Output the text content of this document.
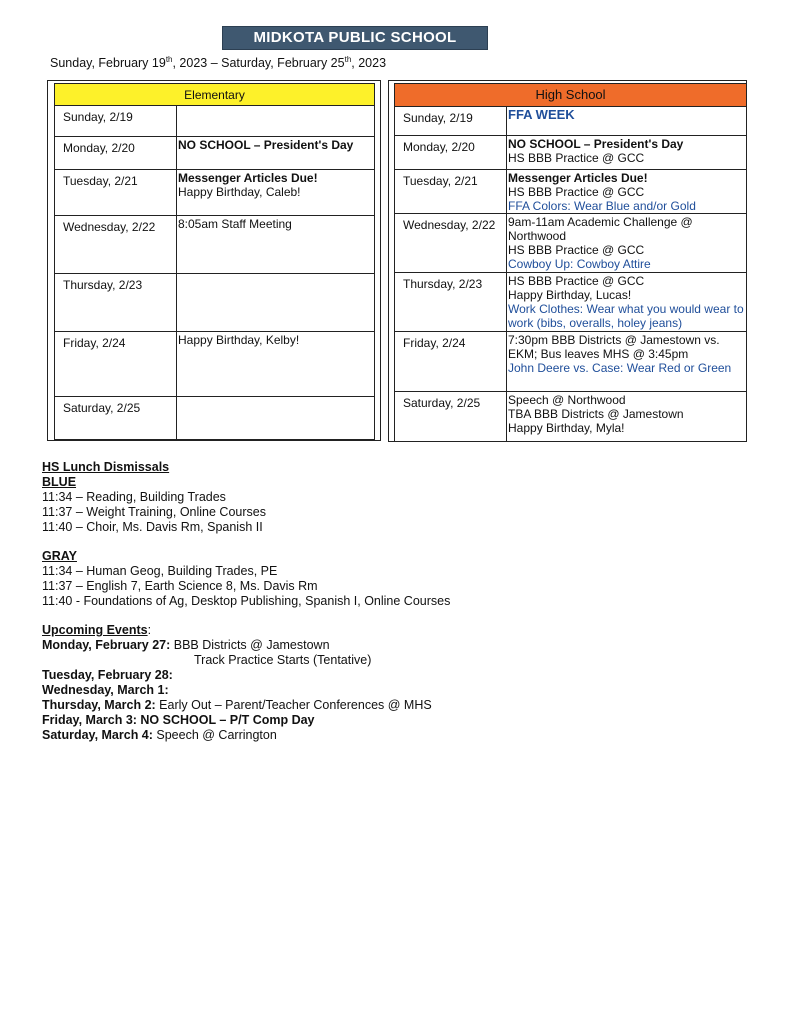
MIDKOTA PUBLIC SCHOOL
Sunday, February 19th, 2023 – Saturday, February 25th, 2023
Elementary	
Sunday, 2/19	
Monday, 2/20	NO SCHOOL – President's Day

Tuesday, 2/21	Messenger Articles Due!
Happy Birthday, Caleb!

Wednesday, 2/22	8:05am Staff Meeting

Thursday, 2/23	
Friday, 2/24	Happy Birthday, Kelby!

Saturday, 2/25	
High School	
Sunday, 2/19	FFA WEEK

Monday, 2/20	NO SCHOOL – President's Day
HS BBB Practice @ GCC

Tuesday, 2/21	Messenger Articles Due!
HS BBB Practice @ GCC
FFA Colors: Wear Blue and/or Gold

Wednesday, 2/22	9am-11am Academic Challenge @ Northwood
HS BBB Practice @ GCC
Cowboy Up: Cowboy Attire

Thursday, 2/23	HS BBB Practice @ GCC
Happy Birthday, Lucas!
Work Clothes: Wear what you would wear to work (bibs, overalls, holey jeans)

Friday, 2/24	7:30pm BBB Districts @ Jamestown vs. EKM; Bus leaves MHS @ 3:45pm
John Deere vs. Case: Wear Red or Green

Saturday, 2/25	Speech @ Northwood
TBA BBB Districts @ Jamestown
Happy Birthday, Myla!
HS Lunch Dismissals
BLUE
11:34 – Reading, Building Trades
11:37 – Weight Training, Online Courses
11:40 – Choir, Ms. Davis Rm, Spanish II
GRAY
11:34 – Human Geog, Building Trades, PE
11:37 – English 7, Earth Science 8, Ms. Davis Rm
11:40 - Foundations of Ag, Desktop Publishing, Spanish I, Online Courses
Upcoming Events:
Monday, February 27: BBB Districts @ Jamestown
Track Practice Starts (Tentative)
Tuesday, February 28:
Wednesday, March 1:
Thursday, March 2: Early Out – Parent/Teacher Conferences @ MHS
Friday, March 3: NO SCHOOL – P/T Comp Day
Saturday, March 4: Speech @ Carrington
